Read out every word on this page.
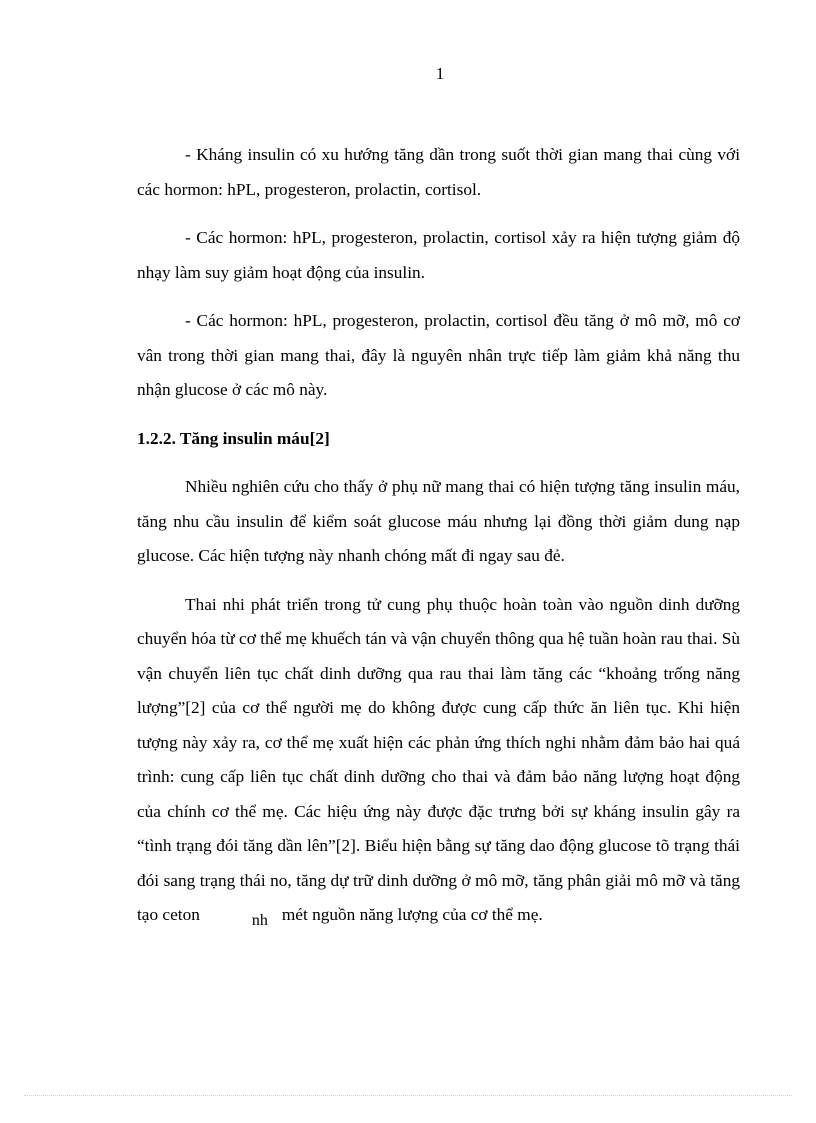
1

- Kháng insulin có xu hướng tăng dần trong suốt thời gian mang thai cùng với các hormon: hPL, progesteron, prolactin, cortisol.

- Các hormon: hPL, progesteron, prolactin, cortisol xảy ra hiện tượng giảm độ nhạy làm suy giảm hoạt động của insulin.

- Các hormon: hPL, progesteron, prolactin, cortisol đều tăng ở mô mỡ, mô cơ vân trong thời gian mang thai, đây là nguyên nhân trực tiếp làm giảm khả năng thu nhận glucose ở các mô này.

1.2.2. Tăng insulin máu[2]

Nhiều nghiên cứu cho thấy ở phụ nữ mang thai có hiện tượng tăng insulin máu, tăng nhu cầu insulin để kiểm soát glucose máu nhưng lại đồng thời giảm dung nạp glucose. Các hiện tượng này nhanh chóng mất đi ngay sau đẻ.

Thai nhi phát triển trong tử cung phụ thuộc hoàn toàn vào nguồn dinh dưỡng chuyển hóa từ cơ thể mẹ khuếch tán và vận chuyển thông qua hệ tuần hoàn rau thai. Sù vận chuyển liên tục chất dinh dưỡng qua rau thai làm tăng các “khoảng trống năng lượng”[2] của cơ thể người mẹ do không được cung cấp thức ăn liên tục. Khi hiện tượng này xảy ra, cơ thể mẹ xuất hiện các phản ứng thích nghi nhằm đảm bảo hai quá trình: cung cấp liên tục chất dinh dưỡng cho thai và đảm bảo năng lượng hoạt động của chính cơ thể mẹ. Các hiệu ứng này được đặc trưng bởi sự kháng insulin gây ra “tình trạng đói tăng dần lên”[2]. Biểu hiện bằng sự tăng dao động glucose tõ trạng thái đói sang trạng thái no, tăng dự trữ dinh dưỡng ở mô mỡ, tăng phân giải mô mỡ và tăng tạo ceton	nh mét nguồn năng lượng của cơ thể mẹ.
